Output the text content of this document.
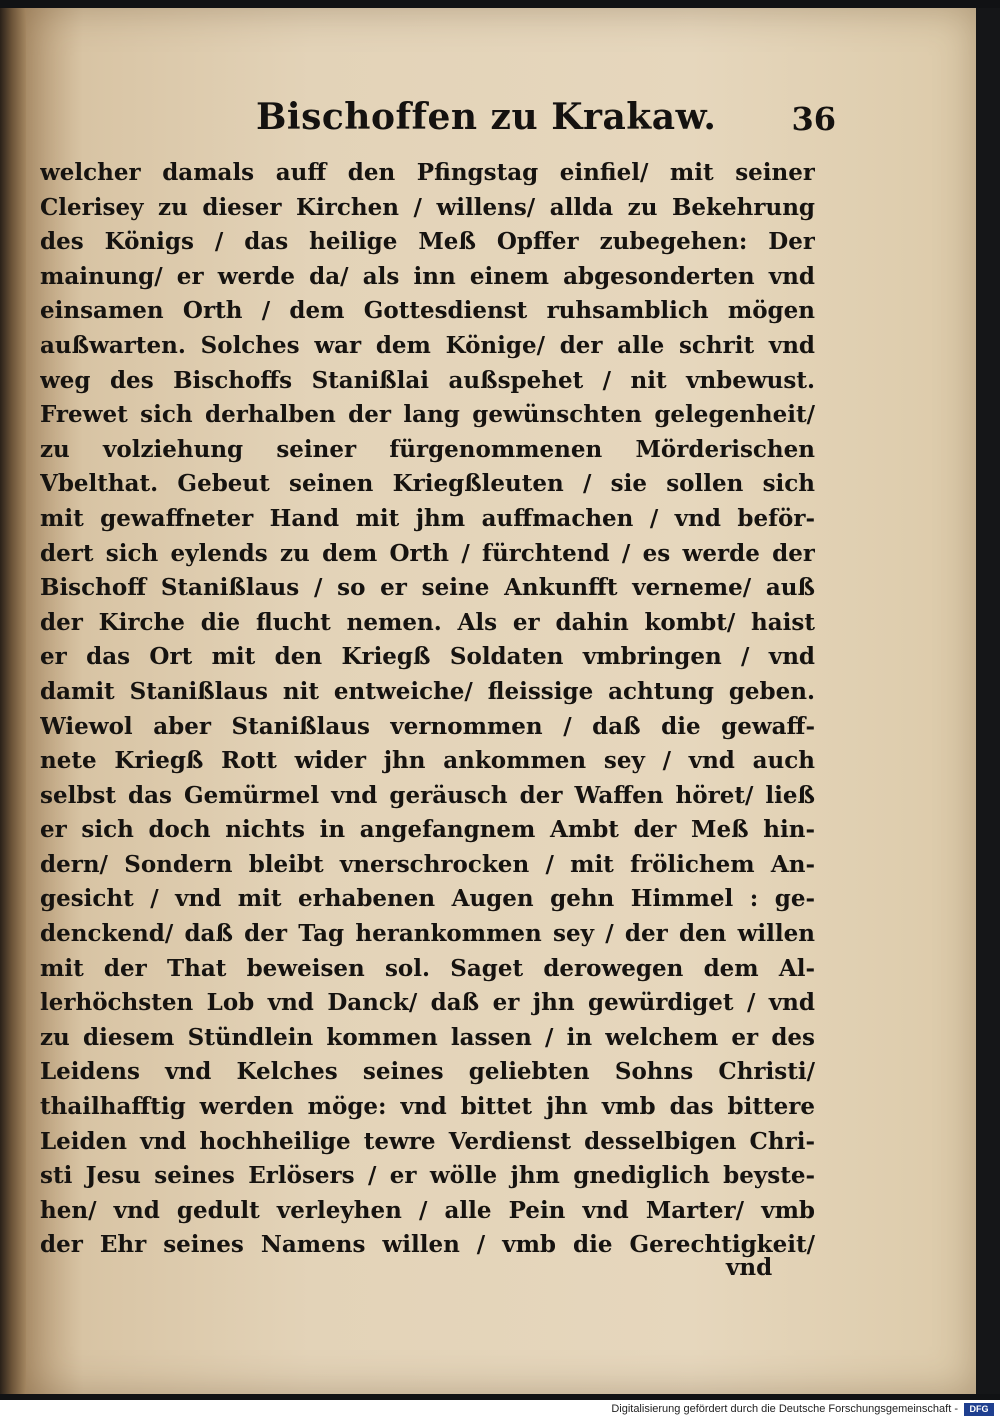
Bischoffen zu Krakaw. 36
welcher damals auff den Pfingstag einfiel/ mit seiner
Clerisey zu dieser Kirchen / willens/ allda zu Bekehrung
des Königs / das heilige Meß Opffer zubegehen: Der
mainung/ er werde da/ als inn einem abgesonderten vnd
einsamen Orth / dem Gottesdienst ruhsamblich mögen
außwarten. Solches war dem Könige/ der alle schrit vnd
weg des Bischoffs Stanißlai außspehet / nit vnbewust.
Frewet sich derhalben der lang gewünschten gelegenheit/
zu volziehung seiner fürgenommenen Mörderischen
Vbelthat. Gebeut seinen Kriegßleuten / sie sollen sich
mit gewaffneter Hand mit jhm auffmachen / vnd beför-
dert sich eylends zu dem Orth / fürchtend / es werde der
Bischoff Stanißlaus / so er seine Ankunfft verneme/ auß
der Kirche die flucht nemen. Als er dahin kombt/ haist
er das Ort mit den Kriegß Soldaten vmbringen / vnd
damit Stanißlaus nit entweiche/ fleissige achtung geben.
Wiewol aber Stanißlaus vernommen / daß die gewaff-
nete Kriegß Rott wider jhn ankommen sey / vnd auch
selbst das Gemürmel vnd geräusch der Waffen höret/ ließ
er sich doch nichts in angefangnem Ambt der Meß hin-
dern/ Sondern bleibt vnerschrocken / mit frölichem An-
gesicht / vnd mit erhabenen Augen gehn Himmel : ge-
denckend/ daß der Tag herankommen sey / der den willen
mit der That beweisen sol. Saget derowegen dem Al-
lerhöchsten Lob vnd Danck/ daß er jhn gewürdiget / vnd
zu diesem Stündlein kommen lassen / in welchem er des
Leidens vnd Kelches seines geliebten Sohns Christi/
thailhafftig werden möge: vnd bittet jhn vmb das bittere
Leiden vnd hochheilige tewre Verdienst desselbigen Chri-
sti Jesu seines Erlösers / er wölle jhm gnediglich beyste-
hen/ vnd gedult verleyhen / alle Pein vnd Marter/ vmb
der Ehr seines Namens willen / vmb die Gerechtigkeit/
vnd
Digitalisierung gefördert durch die Deutsche Forschungsgemeinschaft -	DFG
